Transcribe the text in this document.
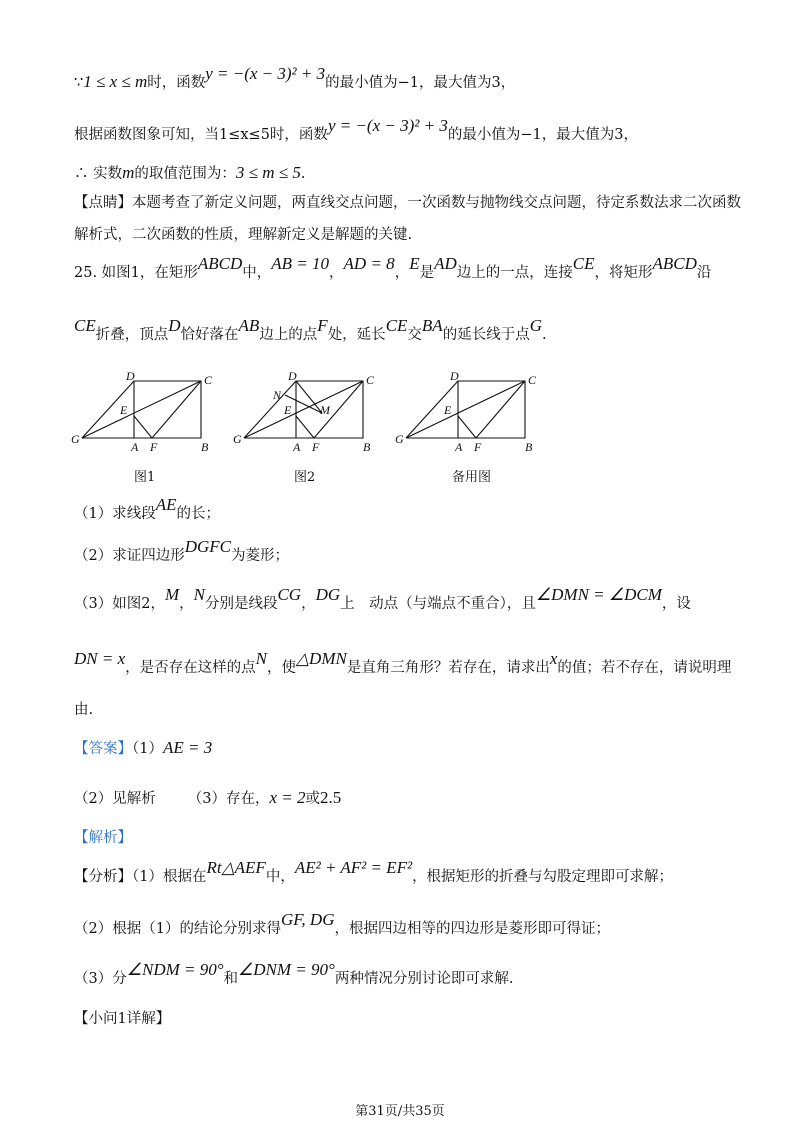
∵1 ≤ x ≤ m时，函数y = −(x − 3)² + 3的最小值为−1，最大值为3，
根据函数图象可知，当1≤x≤5时，函数y = −(x − 3)² + 3的最小值为−1，最大值为3，
∴ 实数m的取值范围为：3 ≤ m ≤ 5.
【点睛】本题考查了新定义问题，两直线交点问题，一次函数与抛物线交点问题，待定系数法求二次函数
解析式，二次函数的性质，理解新定义是解题的关键.
25. 如图1，在矩形ABCD中，AB = 10，AD = 8，E是AD边上的一点，连接CE，将矩形ABCD沿
CE折叠，顶点D恰好落在AB边上的点F处，延长CE交BA的延长线于点G.
D	C
E
G
A F	B
图1
D	C
N
E M
G
A F	B
图2
D	C
E
G
A F	B
备用图
（1）求线段AE的长；
（2）求证四边形DGFC为菱形；
（3）如图2，M，N分别是线段CG，DG上　动点（与端点不重合），且∠DMN = ∠DCM，设
DN = x，是否存在这样的点N，使△DMN是直角三角形？若存在，请求出x的值；若不存在，请说明理
由.
【答案】（1）AE = 3
（2）见解析 （3）存在，x = 2或2.5
【解析】
【分析】（1）根据在Rt△AEF中，AE² + AF² = EF²，根据矩形的折叠与勾股定理即可求解；
（2）根据（1）的结论分别求得GF, DG，根据四边相等的四边形是菱形即可得证；
（3）分∠NDM = 90°和∠DNM = 90°两种情况分别讨论即可求解.
【小问1详解】
第31页/共35页
